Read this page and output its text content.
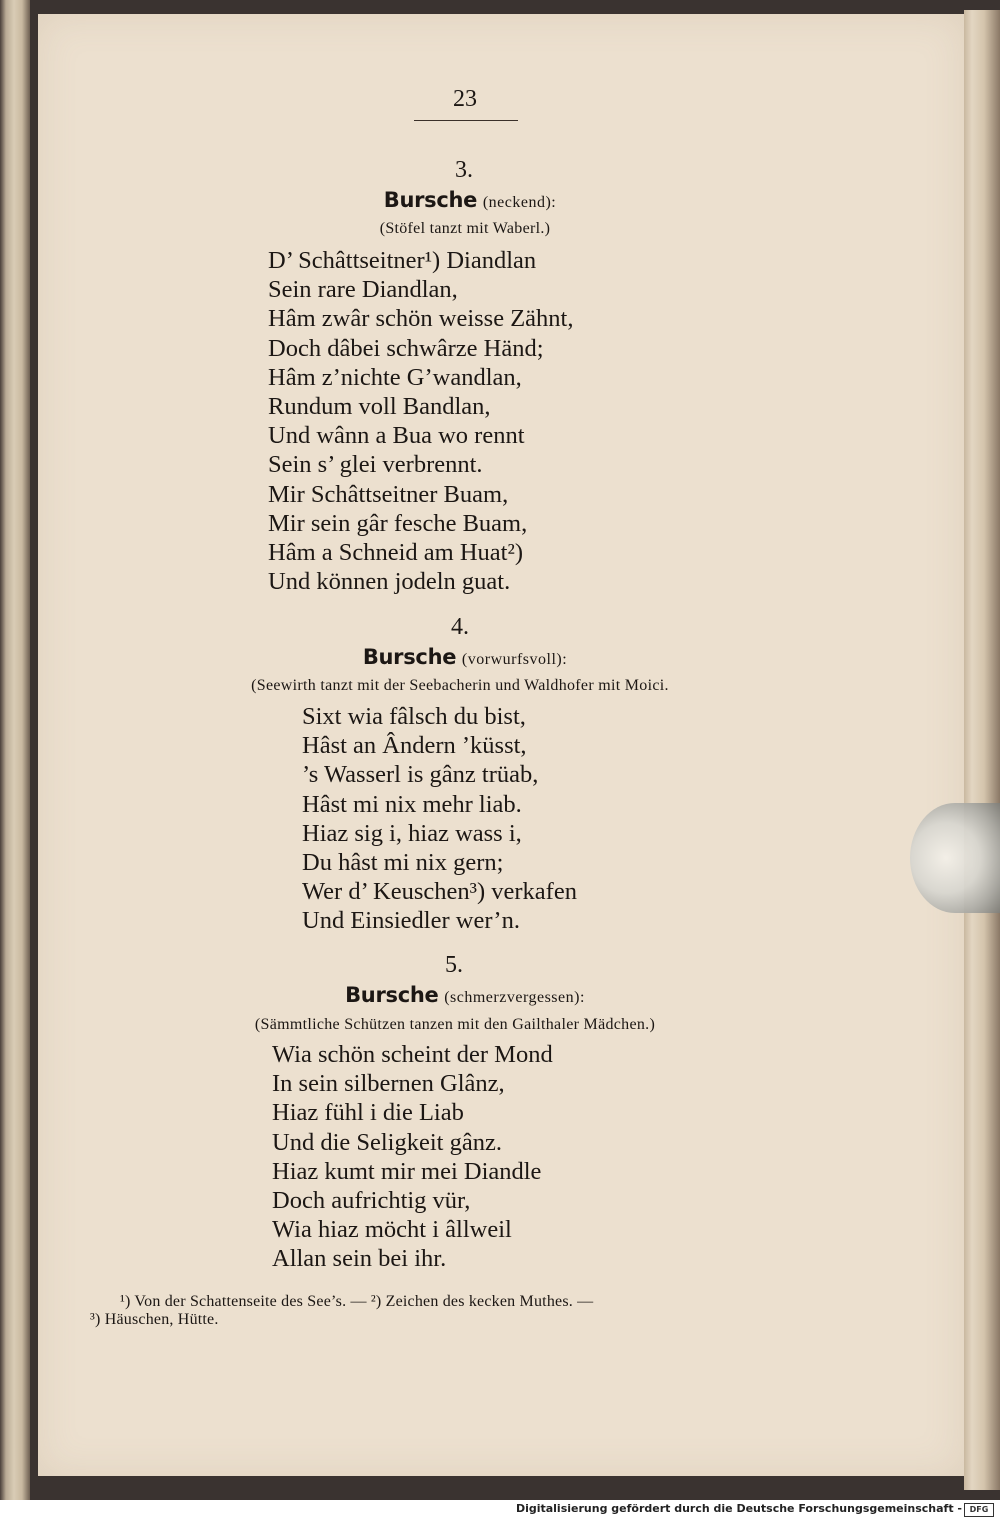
23
3.
Bursche (neckend):
(Stöfel tanzt mit Waberl.)
D’ Schâttseitner¹) Diandlan
Sein rare Diandlan,
Hâm zwâr schön weisse Zähnt,
Doch dâbei schwârze Händ;
Hâm z’nichte G’wandlan,
Rundum voll Bandlan,
Und wânn a Bua wo rennt
Sein s’ glei verbrennt.
Mir Schâttseitner Buam,
Mir sein gâr fesche Buam,
Hâm a Schneid am Huat²)
Und können jodeln guat.
4.
Bursche (vorwurfsvoll):
(Seewirth tanzt mit der Seebacherin und Waldhofer mit Moici.
Sixt wia fâlsch du bist,
Hâst an Ândern ’küsst,
’s Wasserl is gânz trüab,
Hâst mi nix mehr liab.
Hiaz sig i, hiaz wass i,
Du hâst mi nix gern;
Wer d’ Keuschen³) verkafen
Und Einsiedler wer’n.
5.
Bursche (schmerzvergessen):
(Sämmtliche Schützen tanzen mit den Gailthaler Mädchen.)
Wia schön scheint der Mond
In sein silbernen Glânz,
Hiaz fühl i die Liab
Und die Seligkeit gânz.
Hiaz kumt mir mei Diandle
Doch aufrichtig vür,
Wia hiaz möcht i âllweil
Allan sein bei ihr.
¹) Von der Schattenseite des See’s. — ²) Zeichen des kecken Muthes. —
³) Häuschen, Hütte.
Digitalisierung gefördert durch die Deutsche Forschungsgemeinschaft - DFG
